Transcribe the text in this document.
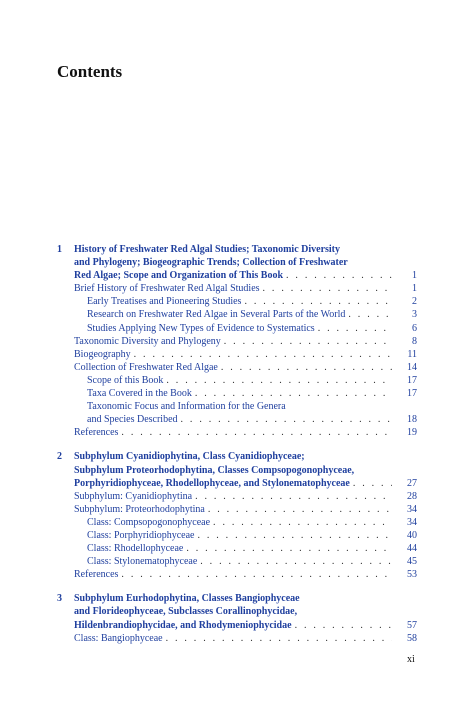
Contents
1	History of Freshwater Red Algal Studies; Taxonomic Diversity
and Phylogeny; Biogeographic Trends; Collection of Freshwater
Red Algae; Scope and Organization of This Book . . .	1
Brief History of Freshwater Red Algal Studies . . .	1
Early Treatises and Pioneering Studies . . .	2
Research on Freshwater Red Algae in Several Parts of the World . . .	3
Studies Applying New Types of Evidence to Systematics . . .	6
Taxonomic Diversity and Phylogeny . . .	8
Biogeography . . .	11
Collection of Freshwater Red Algae . . .	14
Scope of this Book . . .	17
Taxa Covered in the Book . . .	17
Taxonomic Focus and Information for the Genera
and Species Described . . .	18
References . . .	19
2	Subphylum Cyanidiophytina, Class Cyanidiophyceae;
Subphylum Proteorhodophytina, Classes Compsopogonophyceae,
Porphyridiophyceae, Rhodellophyceae, and Stylonematophyceae . . .	27
Subphylum: Cyanidiophytina . . .	28
Subphylum: Proteorhodophytina . . .	34
Class: Compsopogonophyceae . . .	34
Class: Porphyridiophyceae . . .	40
Class: Rhodellophyceae . . .	44
Class: Stylonematophyceae . . .	45
References . . .	53
3	Subphylum Eurhodophytina, Classes Bangiophyceae
and Florideophyceae, Subclasses Corallinophycidae,
Hildenbrandiophycidae, and Rhodymeniophycidae . . .	57
Class: Bangiophyceae . . .	58
xi
